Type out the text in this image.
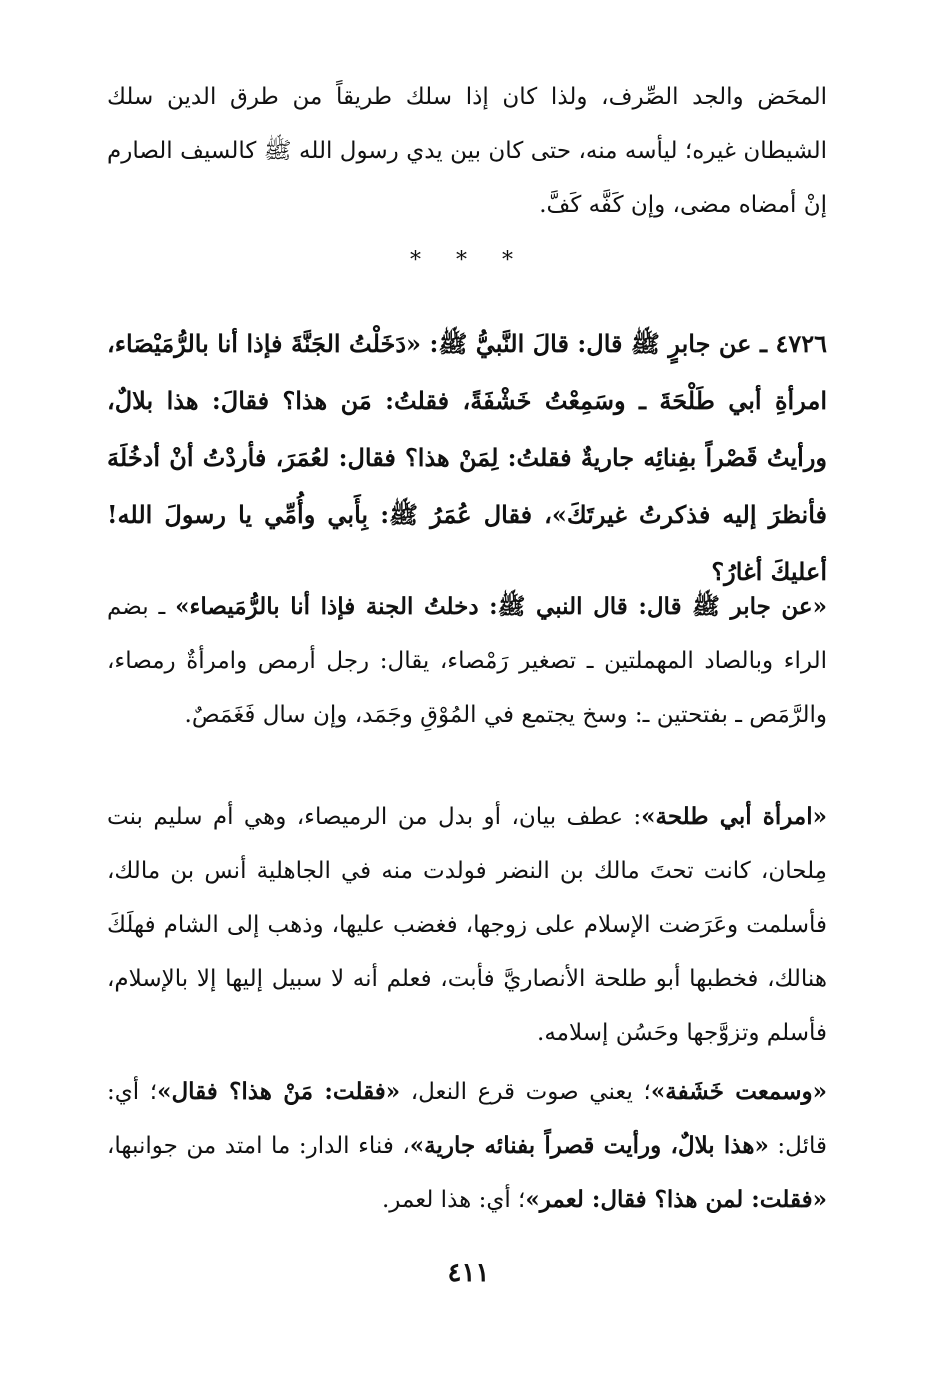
المحَض والجد الصِّرف، ولذا كان إذا سلك طريقاً من طرق الدين سلك الشيطان غيره؛ ليأسه منه، حتى كان بين يدي رسول الله ﷺ كالسيف الصارم إنْ أمضاه مضى، وإن كَفَّه كَفَّ.

* * *

٤٧٢٦ ـ عن جابرٍ ﷺ قال: قالَ النَّبيُّ ﷺ: «دَخَلْتُ الجَنَّةَ فإذا أنا بالرُّمَيْصَاء، امرأةِ أبي طَلْحَةَ ـ وسَمِعْتُ خَشْفَةً، فقلتُ: مَن هذا؟ فقالَ: هذا بلالٌ، ورأيتُ قَصْراً بفِنائِه جاريةٌ فقلتُ: لِمَنْ هذا؟ فقال: لعُمَرَ، فأردْتُ أنْ أدخُلَهَ فأنظرَ إليه فذكرتُ غيرتَكَ»، فقال عُمَرُ ﷺ: بِأَبي وأُمِّي يا رسولَ الله! أعليكَ أغارُ؟

«عن جابر ﷺ قال: قال النبي ﷺ: دخلتُ الجنة فإذا أنا بالرُّمَيصاء» ـ بضم الراء وبالصاد المهملتين ـ تصغير رَمْصاء، يقال: رجل أرمص وامرأةٌ رمصاء، والرَّمَص ـ بفتحتين ـ: وسخ يجتمع في المُوْقِ وجَمَد، وإن سال فَغَمَصٌ.

«امرأة أبي طلحة»: عطف بيان، أو بدل من الرميصاء، وهي أم سليم بنت مِلحان، كانت تحتَ مالك بن النضر فولدت منه في الجاهلية أنس بن مالك، فأسلمت وعَرَضت الإسلام على زوجها، فغضب عليها، وذهب إلى الشام فهلَكَ هنالك، فخطبها أبو طلحة الأنصاريَّ فأبت، فعلم أنه لا سبيل إليها إلا بالإسلام، فأسلم وتزوَّجها وحَسُن إسلامه.

«وسمعت خَشَفة»؛ يعني صوت قرع النعل، «فقلت: مَنْ هذا؟ فقال»؛ أي: قائل: «هذا بلالٌ، ورأيت قصراً بفنائه جارية»، فناء الدار: ما امتد من جوانبها، «فقلت: لمن هذا؟ فقال: لعمر»؛ أي: هذا لعمر.

٤١١
